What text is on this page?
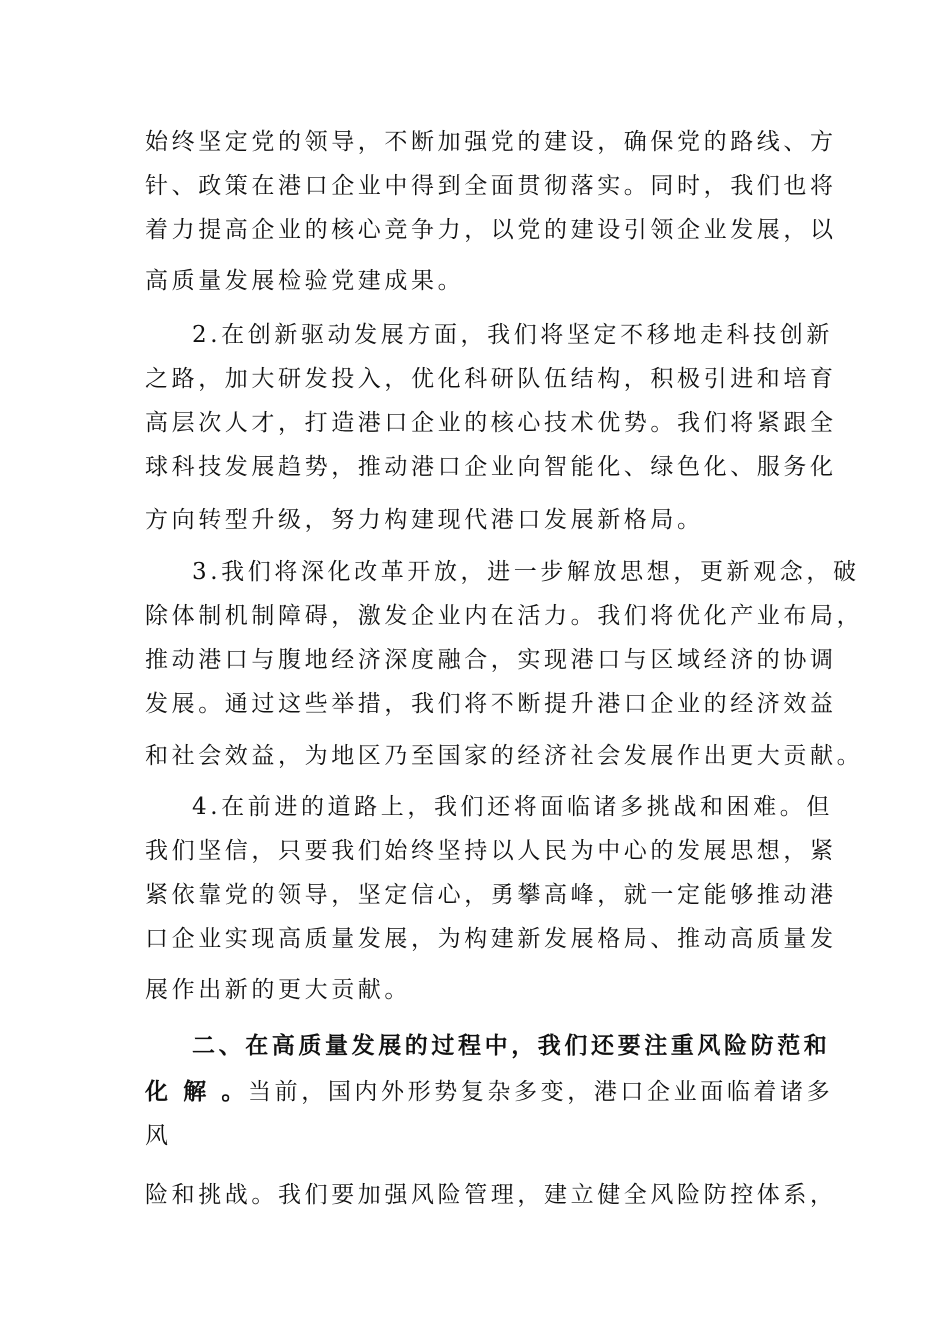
始终坚定党的领导，不断加强党的建设，确保党的路线、方
针、政策在港口企业中得到全面贯彻落实。同时，我们也将
着力提高企业的核心竞争力，以党的建设引领企业发展，以
高质量发展检验党建成果。
2.在创新驱动发展方面，我们将坚定不移地走科技创新
之路，加大研发投入，优化科研队伍结构，积极引进和培育
高层次人才，打造港口企业的核心技术优势。我们将紧跟全
球科技发展趋势，推动港口企业向智能化、绿色化、服务化
方向转型升级，努力构建现代港口发展新格局。
3.我们将深化改革开放，进一步解放思想，更新观念，破
除体制机制障碍，激发企业内在活力。我们将优化产业布局，
推动港口与腹地经济深度融合，实现港口与区域经济的协调
发展。通过这些举措，我们将不断提升港口企业的经济效益
和社会效益，为地区乃至国家的经济社会发展作出更大贡献。
4.在前进的道路上，我们还将面临诸多挑战和困难。但
我们坚信，只要我们始终坚持以人民为中心的发展思想，紧
紧依靠党的领导，坚定信心，勇攀高峰，就一定能够推动港
口企业实现高质量发展，为构建新发展格局、推动高质量发
展作出新的更大贡献。
二、在高质量发展的过程中，我们还要注重风险防范和
化 解 。当前，国内外形势复杂多变，港口企业面临着诸多
风
险和挑战。我们要加强风险管理，建立健全风险防控体系，
